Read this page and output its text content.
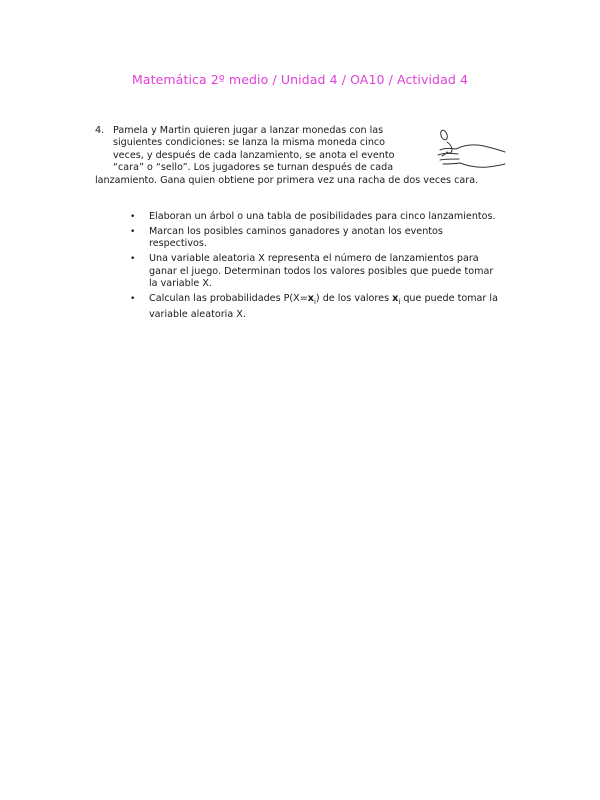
Matemática 2º medio / Unidad 4 / OA10 / Actividad 4
4. Pamela y Martin quieren jugar a lanzar monedas con las
siguientes condiciones: se lanza la misma moneda cinco
veces, y después de cada lanzamiento, se anota el evento
“cara” o “sello”. Los jugadores se turnan después de cada
lanzamiento. Gana quien obtiene por primera vez una racha de dos veces cara.
• Elaboran un árbol o una tabla de posibilidades para cinco lanzamientos.
• Marcan los posibles caminos ganadores y anotan los eventos
respectivos.
• Una variable aleatoria X representa el número de lanzamientos para
ganar el juego. Determinan todos los valores posibles que puede tomar
la variable X.
• Calculan las probabilidades $P(X=x_i)$ de los valores $x_i$ que puede tomar la
variable aleatoria X.
